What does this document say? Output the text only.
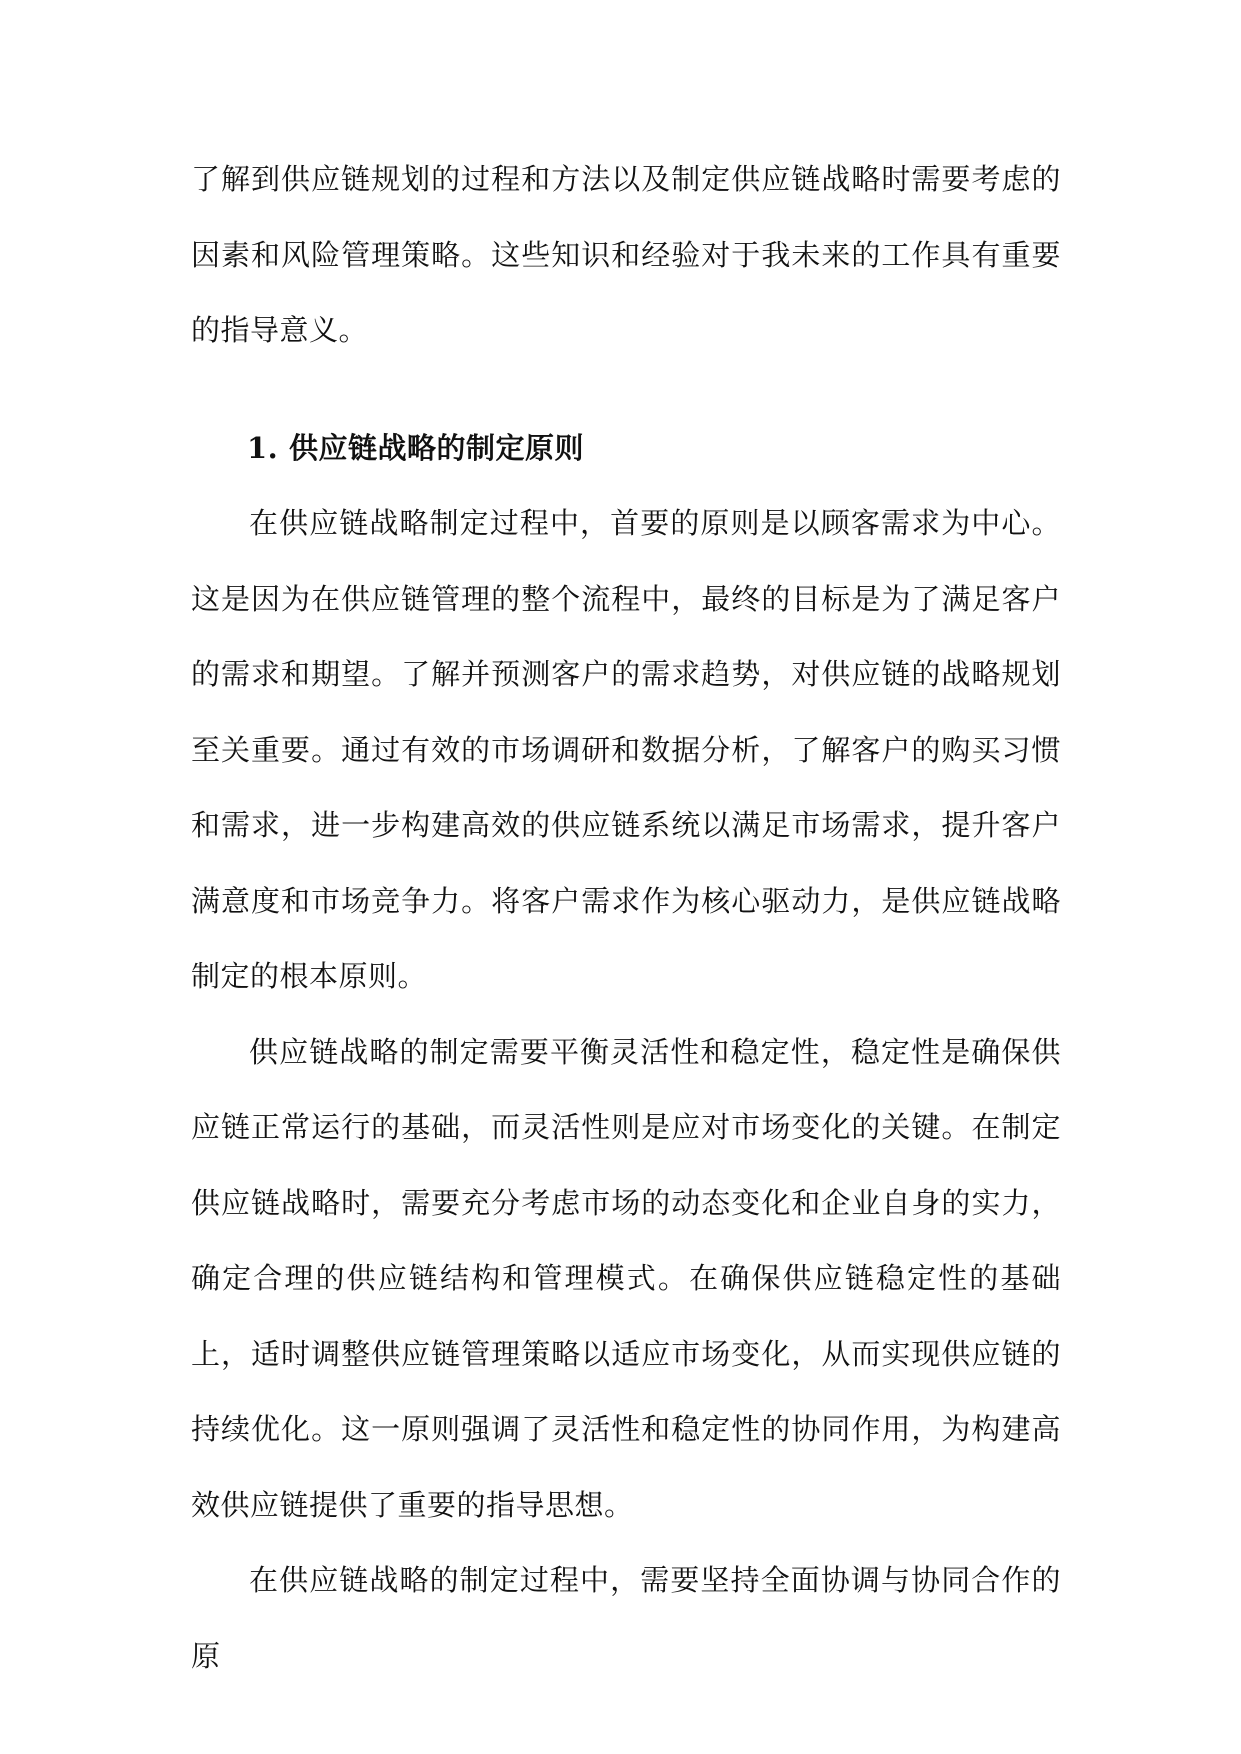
了解到供应链规划的过程和方法以及制定供应链战略时需要考虑的因素和风险管理策略。这些知识和经验对于我未来的工作具有重要的指导意义。

1. 供应链战略的制定原则

在供应链战略制定过程中，首要的原则是以顾客需求为中心。这是因为在供应链管理的整个流程中，最终的目标是为了满足客户的需求和期望。了解并预测客户的需求趋势，对供应链的战略规划至关重要。通过有效的市场调研和数据分析，了解客户的购买习惯和需求，进一步构建高效的供应链系统以满足市场需求，提升客户满意度和市场竞争力。将客户需求作为核心驱动力，是供应链战略制定的根本原则。

供应链战略的制定需要平衡灵活性和稳定性，稳定性是确保供应链正常运行的基础，而灵活性则是应对市场变化的关键。在制定供应链战略时，需要充分考虑市场的动态变化和企业自身的实力，确定合理的供应链结构和管理模式。在确保供应链稳定性的基础上，适时调整供应链管理策略以适应市场变化，从而实现供应链的持续优化。这一原则强调了灵活性和稳定性的协同作用，为构建高效供应链提供了重要的指导思想。

在供应链战略的制定过程中，需要坚持全面协调与协同合作的原
